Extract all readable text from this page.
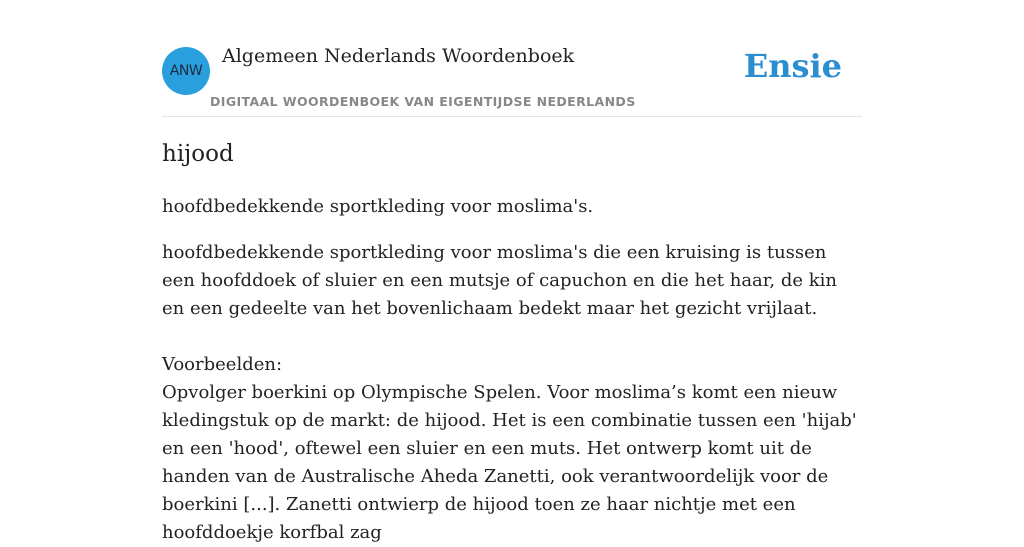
ANW
Algemeen Nederlands Woordenboek
DIGITAAL WOORDENBOEK VAN EIGENTIJDSE NEDERLANDS
Ensie
hijood

hoofdbedekkende sportkleding voor moslima's.

hoofdbedekkende sportkleding voor moslima's die een kruising is tussen een hoofddoek of sluier en een mutsje of capuchon en die het haar, de kin en een gedeelte van het bovenlichaam bedekt maar het gezicht vrijlaat.
Voorbeelden:
Opvolger boerkini op Olympische Spelen. Voor moslima’s komt een nieuw kledingstuk op de markt: de hijood. Het is een combinatie tussen een 'hijab' en een 'hood', oftewel een sluier en een muts. Het ontwerp komt uit de handen van de Australische Aheda Zanetti, ook verantwoordelijk voor de boerkini [...]. Zanetti ontwierp de hijood toen ze haar nichtje met een hoofddoekje korfbal zag
